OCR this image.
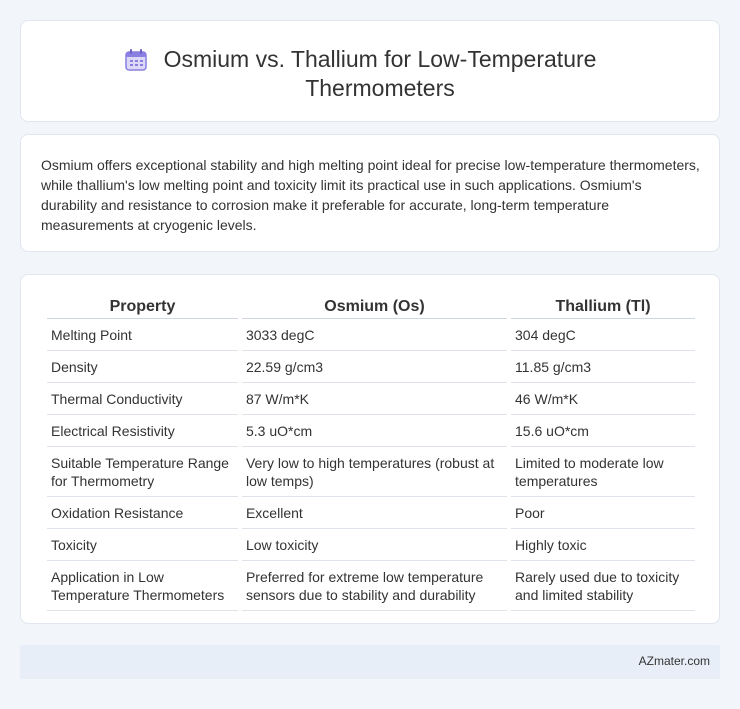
Osmium vs. Thallium for Low-Temperature Thermometers

Osmium offers exceptional stability and high melting point ideal for precise low-temperature thermometers, while thallium's low melting point and toxicity limit its practical use in such applications. Osmium's durability and resistance to corrosion make it preferable for accurate, long-term temperature measurements at cryogenic levels.

Property	Osmium (Os)	Thallium (Tl)
Melting Point	3033 degC	304 degC
Density	22.59 g/cm3	11.85 g/cm3
Thermal Conductivity	87 W/m*K	46 W/m*K
Electrical Resistivity	5.3 uO*cm	15.6 uO*cm
Suitable Temperature Range for Thermometry	Very low to high temperatures (robust at low temps)	Limited to moderate low temperatures
Oxidation Resistance	Excellent	Poor
Toxicity	Low toxicity	Highly toxic
Application in Low Temperature Thermometers	Preferred for extreme low temperature sensors due to stability and durability	Rarely used due to toxicity and limited stability
AZmater.com
